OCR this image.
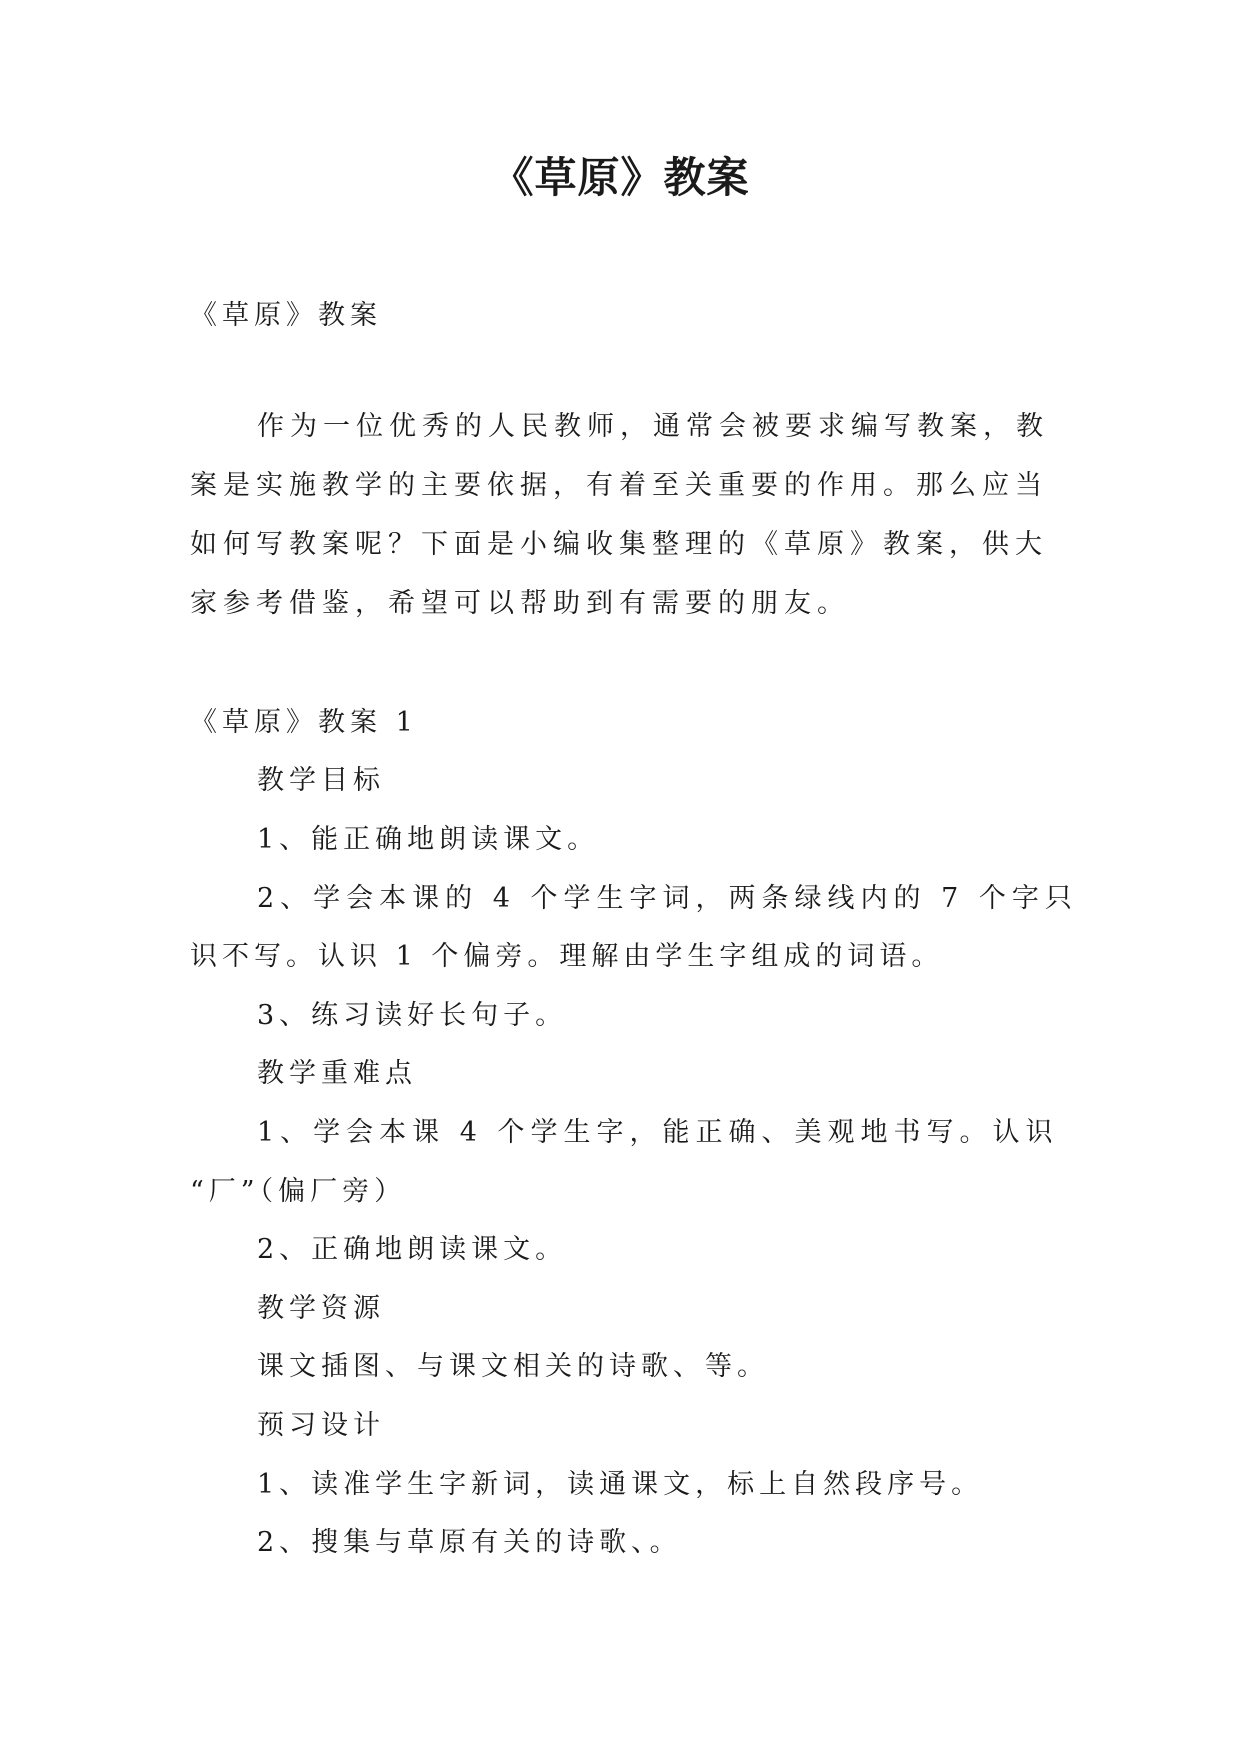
《草原》教案
《草原》教案
作为一位优秀的人民教师，通常会被要求编写教案，教
案是实施教学的主要依据，有着至关重要的作用。那么应当
如何写教案呢？下面是小编收集整理的《草原》教案，供大
家参考借鉴，希望可以帮助到有需要的朋友。
《草原》教案 1
教学目标
1、能正确地朗读课文。
2、学会本课的 4 个学生字词，两条绿线内的 7 个字只
识不写。认识 1 个偏旁。理解由学生字组成的词语。
3、练习读好长句子。
教学重难点
1、学会本课 4 个学生字，能正确、美观地书写。认识
“厂”（偏厂旁）
2、正确地朗读课文。
教学资源
课文插图、与课文相关的诗歌、等。
预习设计
1、读准学生字新词，读通课文，标上自然段序号。
2、搜集与草原有关的诗歌、。
